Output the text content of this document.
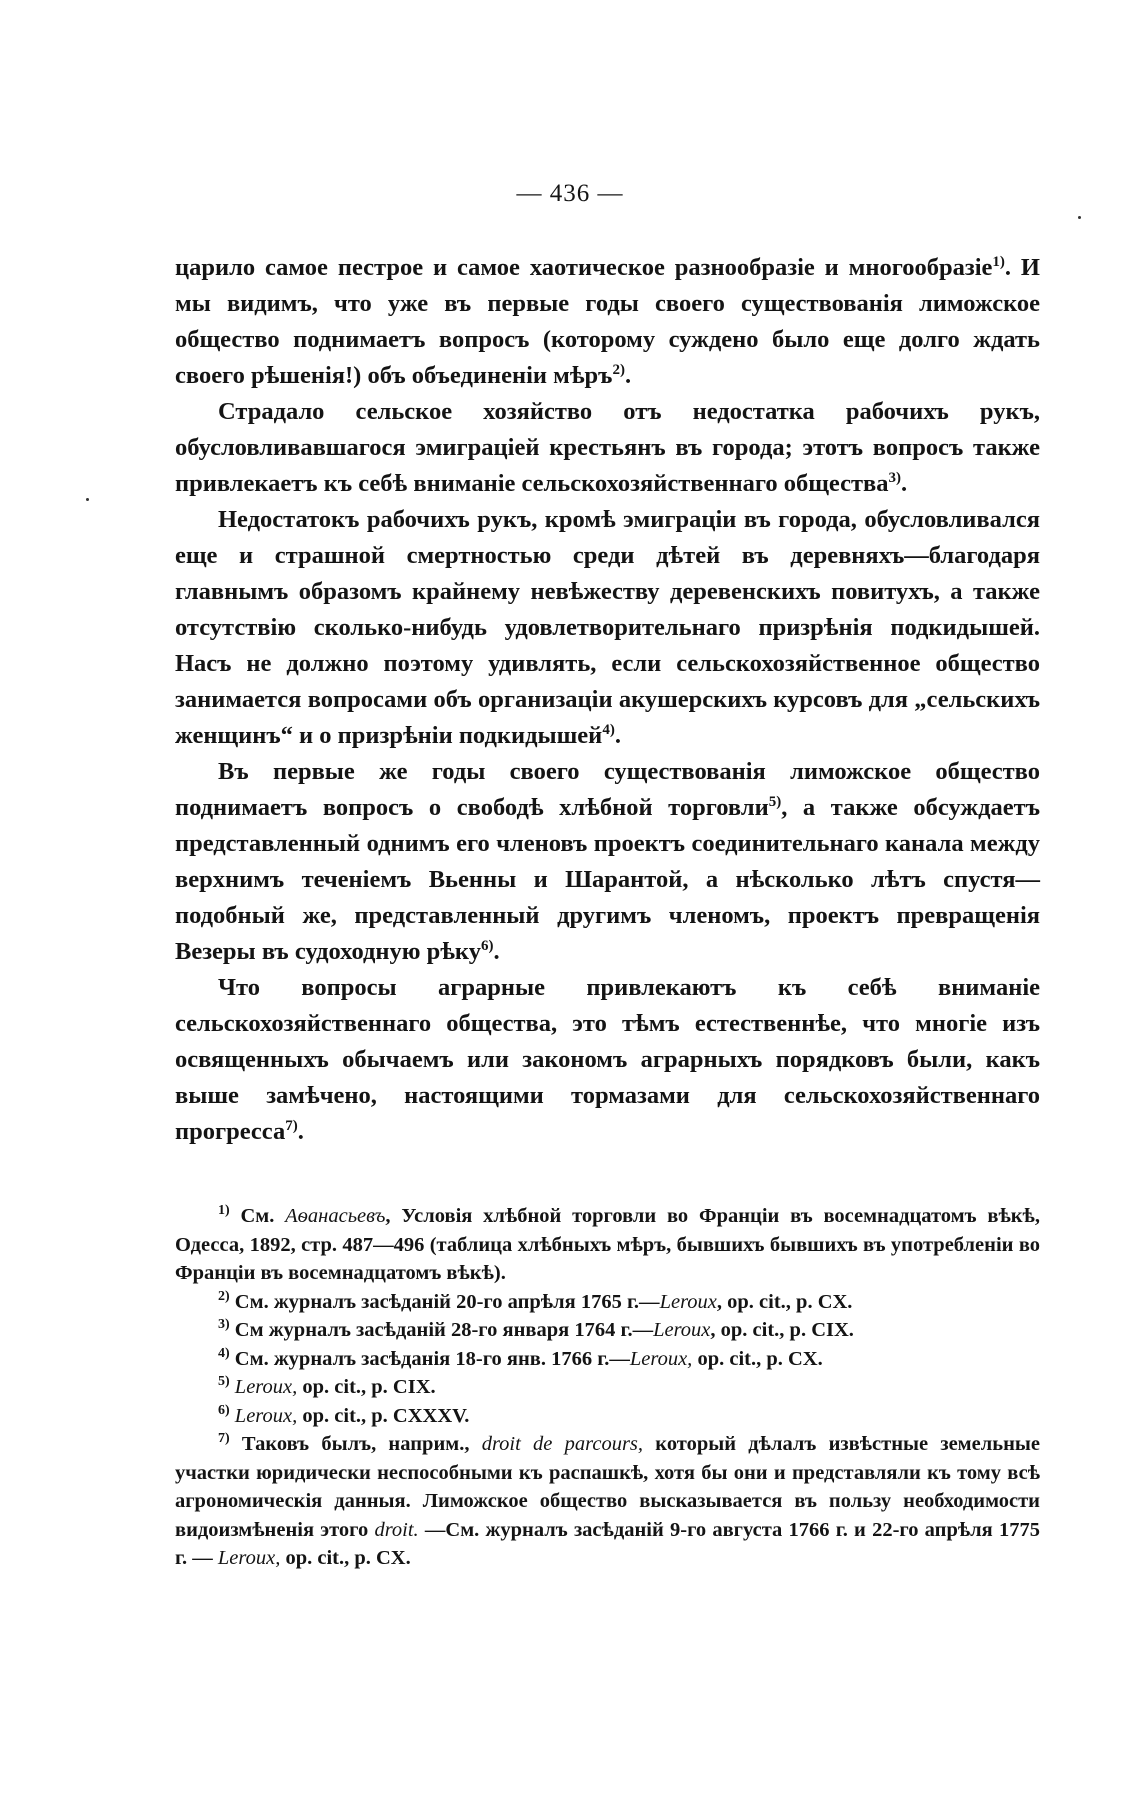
— 436 —

царило самое пестрое и самое хаотическое разнообразіе и многообразіе$^{1)}$. И мы видимъ, что уже въ первые годы своего существованія лиможское общество поднимаетъ вопросъ (которому суждено было еще долго ждать своего рѣшенія!) объ объединеніи мѣръ$^{2)}$.

Страдало сельское хозяйство отъ недостатка рабочихъ рукъ, обусловливавшагося эмиграціей крестьянъ въ города; этотъ вопросъ также привлекаетъ къ себѣ вниманіе сельскохозяйственнаго общества$^{3)}$.

Недостатокъ рабочихъ рукъ, кромѣ эмиграціи въ города, обусловливался еще и страшной смертностью среди дѣтей въ деревняхъ—благодаря главнымъ образомъ крайнему невѣжеству деревенскихъ повитухъ, а также отсутствію сколько-нибудь удовлетворительнаго призрѣнія подкидышей. Насъ не должно поэтому удивлять, если сельскохозяйственное общество занимается вопросами объ организаціи акушерскихъ курсовъ для „сельскихъ женщинъ“ и о призрѣніи подкидышей$^{4)}$.

Въ первые же годы своего существованія лиможское общество поднимаетъ вопросъ о свободѣ хлѣбной торговли$^{5)}$, а также обсуждаетъ представленный однимъ его членовъ проектъ соединительнаго канала между верхнимъ теченіемъ Вьенны и Шарантой, а нѣсколько лѣтъ спустя—подобный же, представленный другимъ членомъ, проектъ превращенія Везеры въ судоходную рѣку$^{6)}$.

Что вопросы аграрные привлекаютъ къ себѣ вниманіе сельскохозяйственнаго общества, это тѣмъ естественнѣе, что многіе изъ освященныхъ обычаемъ или закономъ аграрныхъ порядковъ были, какъ выше замѣчено, настоящими тормазами для сельскохозяйственнаго прогресса$^{7)}$.

$^{1)}$ См. Аѳанасьевъ, Условія хлѣбной торговли во Франціи въ восемнадцатомъ вѣкѣ, Одесса, 1892, стр. 487—496 (таблица хлѣбныхъ мѣръ, бывшихъ бывшихъ въ употребленіи во Франціи въ восемнадцатомъ вѣкѣ).

$^{2)}$ См. журналъ засѣданій 20-го апрѣля 1765 г.—Leroux, op. cit., p. CX.

$^{3)}$ См журналъ засѣданій 28-го января 1764 г.—Leroux, op. cit., p. CIX.

$^{4)}$ См. журналъ засѣданія 18-го янв. 1766 г.—Leroux, op. cit., p. CX.

$^{5)}$ Leroux, op. cit., p. CIX.

$^{6)}$ Leroux, op. cit., p. CXXXV.

$^{7)}$ Таковъ былъ, наприм., droit de parcours, который дѣлалъ извѣстные земельные участки юридически неспособными къ распашкѣ, хотя бы они и представляли къ тому всѣ агрономическія данныя. Лиможское общество высказывается въ пользу необходимости видоизмѣненія этого droit. —См. журналъ засѣданій 9-го августа 1766 г. и 22-го апрѣля 1775 г. — Leroux, op. cit., p. CX.
